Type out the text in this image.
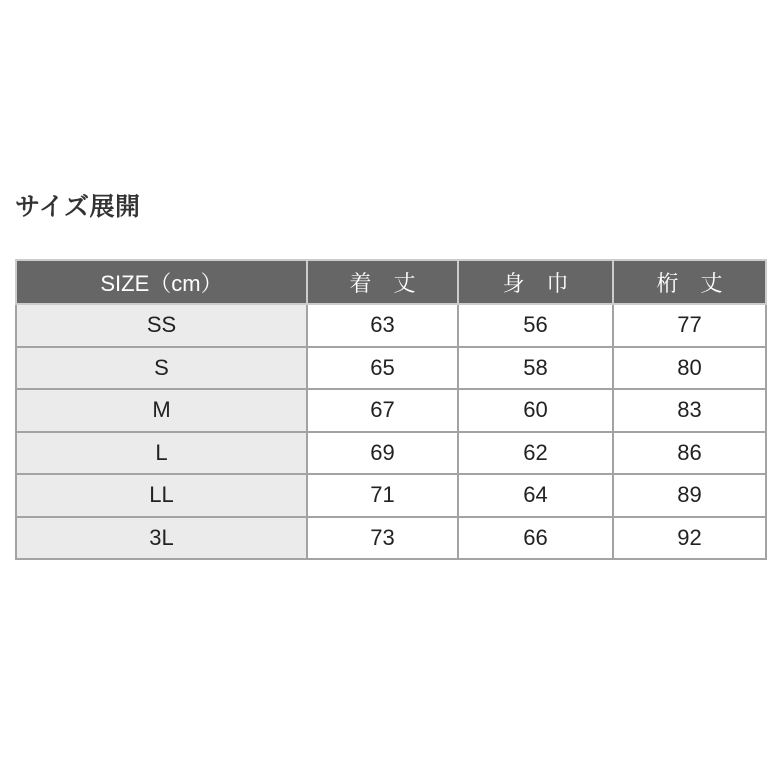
サイズ展開
SIZE（cm）	着　丈	身　巾	桁　丈
SS	63	56	77
S	65	58	80
M	67	60	83
L	69	62	86
LL	71	64	89
3L	73	66	92
